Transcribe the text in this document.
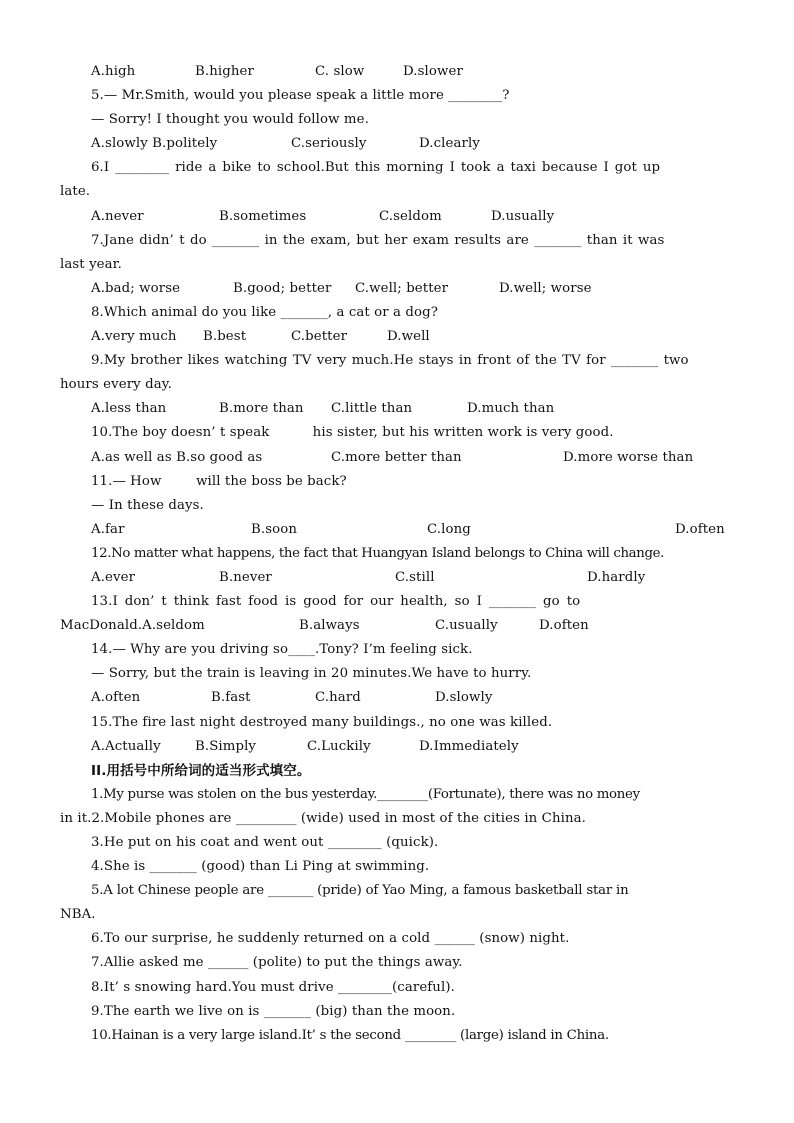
A.high	B.higher	C. slow	D.slower
5.— Mr.Smith, would you please speak a little more ________?
— Sorry! I thought you would follow me.
A.slowly B.politely	C.seriously	D.clearly
6.I ________ ride a bike to school.But this morning I took a taxi because I got up
late.
A.never	B.sometimes	C.seldom	D.usually
7.Jane didn’ t do _______ in the exam, but her exam results are _______ than it was
last year.
A.bad; worse	B.good; better	C.well; better	D.well; worse
8.Which animal do you like _______, a cat or a dog?
A.very much	B.best	C.better	D.well
9.My brother likes watching TV very much.He stays in front of the TV for _______ two
hours every day.
A.less than	B.more than	C.little than	D.much than
10.The boy doesn’ t speak          his sister, but his written work is very good.
A.as well as B.so good as	C.more better than	D.more worse than
11.— How        will the boss be back?
— In these days.
A.far	B.soon	C.long	D.often
12.No matter what happens, the fact that Huangyan Island belongs to China will change.
A.ever	B.never	C.still	D.hardly
13.I don’ t think fast food is good for our health, so I _______ go to
MacDonald.A.seldom	B.always	C.usually	D.often
14.— Why are you driving so____.Tony? I’m feeling sick.
— Sorry, but the train is leaving in 20 minutes.We have to hurry.
A.often	B.fast	C.hard	D.slowly
15.The fire last night destroyed many buildings., no one was killed.
A.Actually	B.Simply	C.Luckily	D.Immediately
II.用括号中所给词的适当形式填空。
1.My purse was stolen on the bus yesterday.________(Fortunate), there was no money
in it.2.Mobile phones are _________ (wide) used in most of the cities in China.
3.He put on his coat and went out ________ (quick).
4.She is _______ (good) than Li Ping at swimming.
5.A lot Chinese people are _______ (pride) of Yao Ming, a famous basketball star in
NBA.
6.To our surprise, he suddenly returned on a cold ______ (snow) night.
7.Allie asked me ______ (polite) to put the things away.
8.It’ s snowing hard.You must drive ________(careful).
9.The earth we live on is _______ (big) than the moon.
10.Hainan is a very large island.It’ s the second ________ (large) island in China.
